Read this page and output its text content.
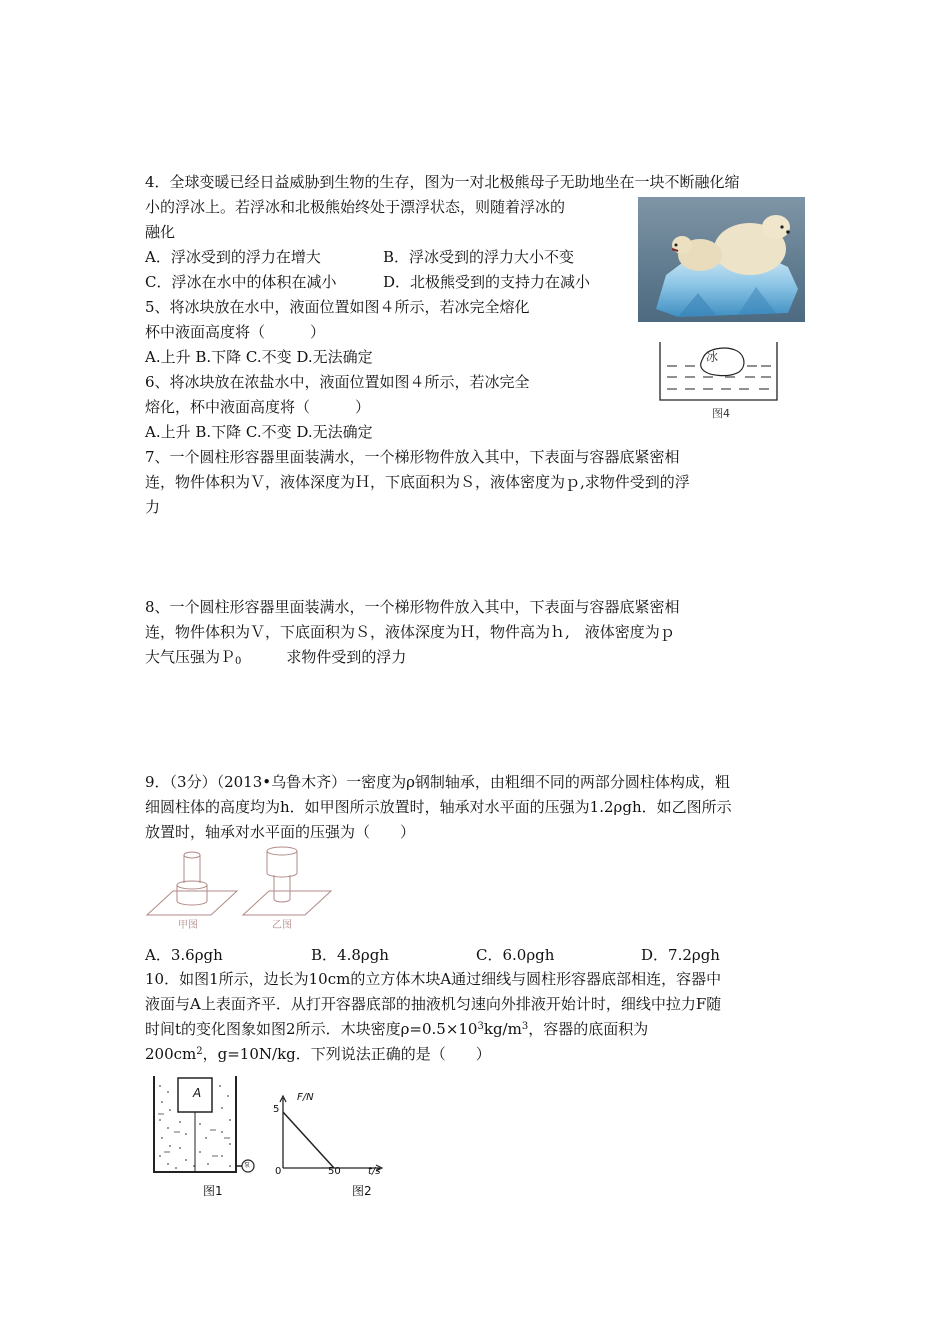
4．全球变暖已经日益威胁到生物的生存，图为一对北极熊母子无助地坐在一块不断融化缩
小的浮冰上。若浮冰和北极熊始终处于漂浮状态，则随着浮冰的
融化
A．浮冰受到的浮力在增大	B．浮冰受到的浮力大小不变
C．浮冰在水中的体积在减小	D．北极熊受到的支持力在减小
5、将冰块放在水中，液面位置如图４所示，若冰完全熔化
杯中液面高度将（　　　）
A.上升 B.下降 C.不变 D.无法确定	冰
图4
6、将冰块放在浓盐水中，液面位置如图４所示，若冰完全
熔化，杯中液面高度将（　　　）
A.上升 B.下降 C.不变 D.无法确定
7、一个圆柱形容器里面装满水，一个梯形物件放入其中，下表面与容器底紧密相
连，物件体积为Ｖ，液体深度为Ｈ，下底面积为Ｓ，液体密度为ｐ,求物件受到的浮
力
8、一个圆柱形容器里面装满水，一个梯形物件放入其中，下表面与容器底紧密相
连，物件体积为Ｖ，下底面积为Ｓ，液体深度为Ｈ，物件高为ｈ,　液体密度为ｐ
大气压强为Ｐ$_0$　　　求物件受到的浮力
9．（3分）（2013•乌鲁木齐）一密度为ρ钢制轴承，由粗细不同的两部分圆柱体构成，粗
细圆柱体的高度均为h．如甲图所示放置时，轴承对水平面的压强为1.2ρgh．如乙图所示
放置时，轴承对水平面的压强为（　　）
甲图	乙图
A．3.6ρgh	B．4.8ρgh	C．6.0ρgh	D．7.2ρgh
10．如图1所示，边长为10cm的立方体木块A通过细线与圆柱形容器底部相连，容器中
液面与A上表面齐平．从打开容器底部的抽液机匀速向外排液开始计时，细线中拉力F随
时间t的变化图象如图2所示．木块密度$\rho=0.5\times 10^3kg/m^3$，容器的底面积为
$200cm^2$，g=10N/kg．下列说法正确的是（　　）
A
泵
图1
F/N
5
0	50	t/s
图2
